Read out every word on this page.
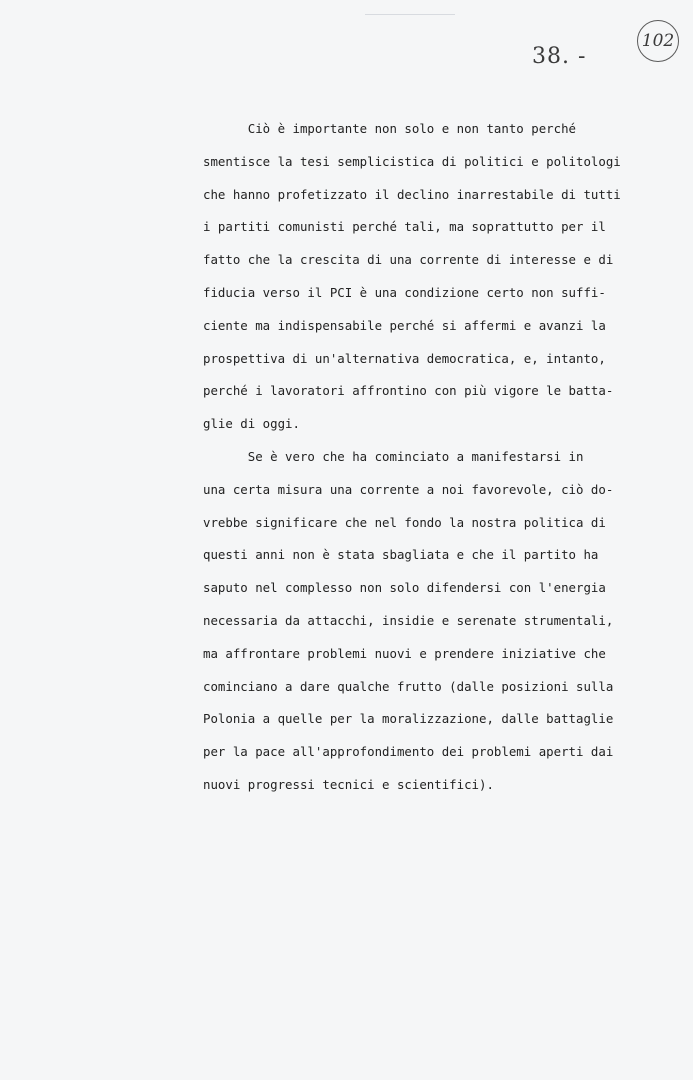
38. -
102
Ciò è importante non solo e non tanto perché
smentisce la tesi semplicistica di politici e politologi
che hanno profetizzato il declino inarrestabile di tutti
i partiti comunisti perché tali, ma soprattutto per il
fatto che la crescita di una corrente di interesse e di
fiducia verso il PCI è una condizione certo non suffi-
ciente ma indispensabile perché si affermi e avanzi la
prospettiva di un'alternativa democratica, e, intanto,
perché i lavoratori affrontino con più vigore le batta-
glie di oggi.
Se è vero che ha cominciato a manifestarsi in
una certa misura una corrente a noi favorevole, ciò do-
vrebbe significare che nel fondo la nostra politica di
questi anni non è stata sbagliata e che il partito ha
saputo nel complesso non solo difendersi con l'energia
necessaria da attacchi, insidie e serenate strumentali,
ma affrontare problemi nuovi e prendere iniziative che
cominciano a dare qualche frutto (dalle posizioni sulla
Polonia a quelle per la moralizzazione, dalle battaglie
per la pace all'approfondimento dei problemi aperti dai
nuovi progressi tecnici e scientifici).
